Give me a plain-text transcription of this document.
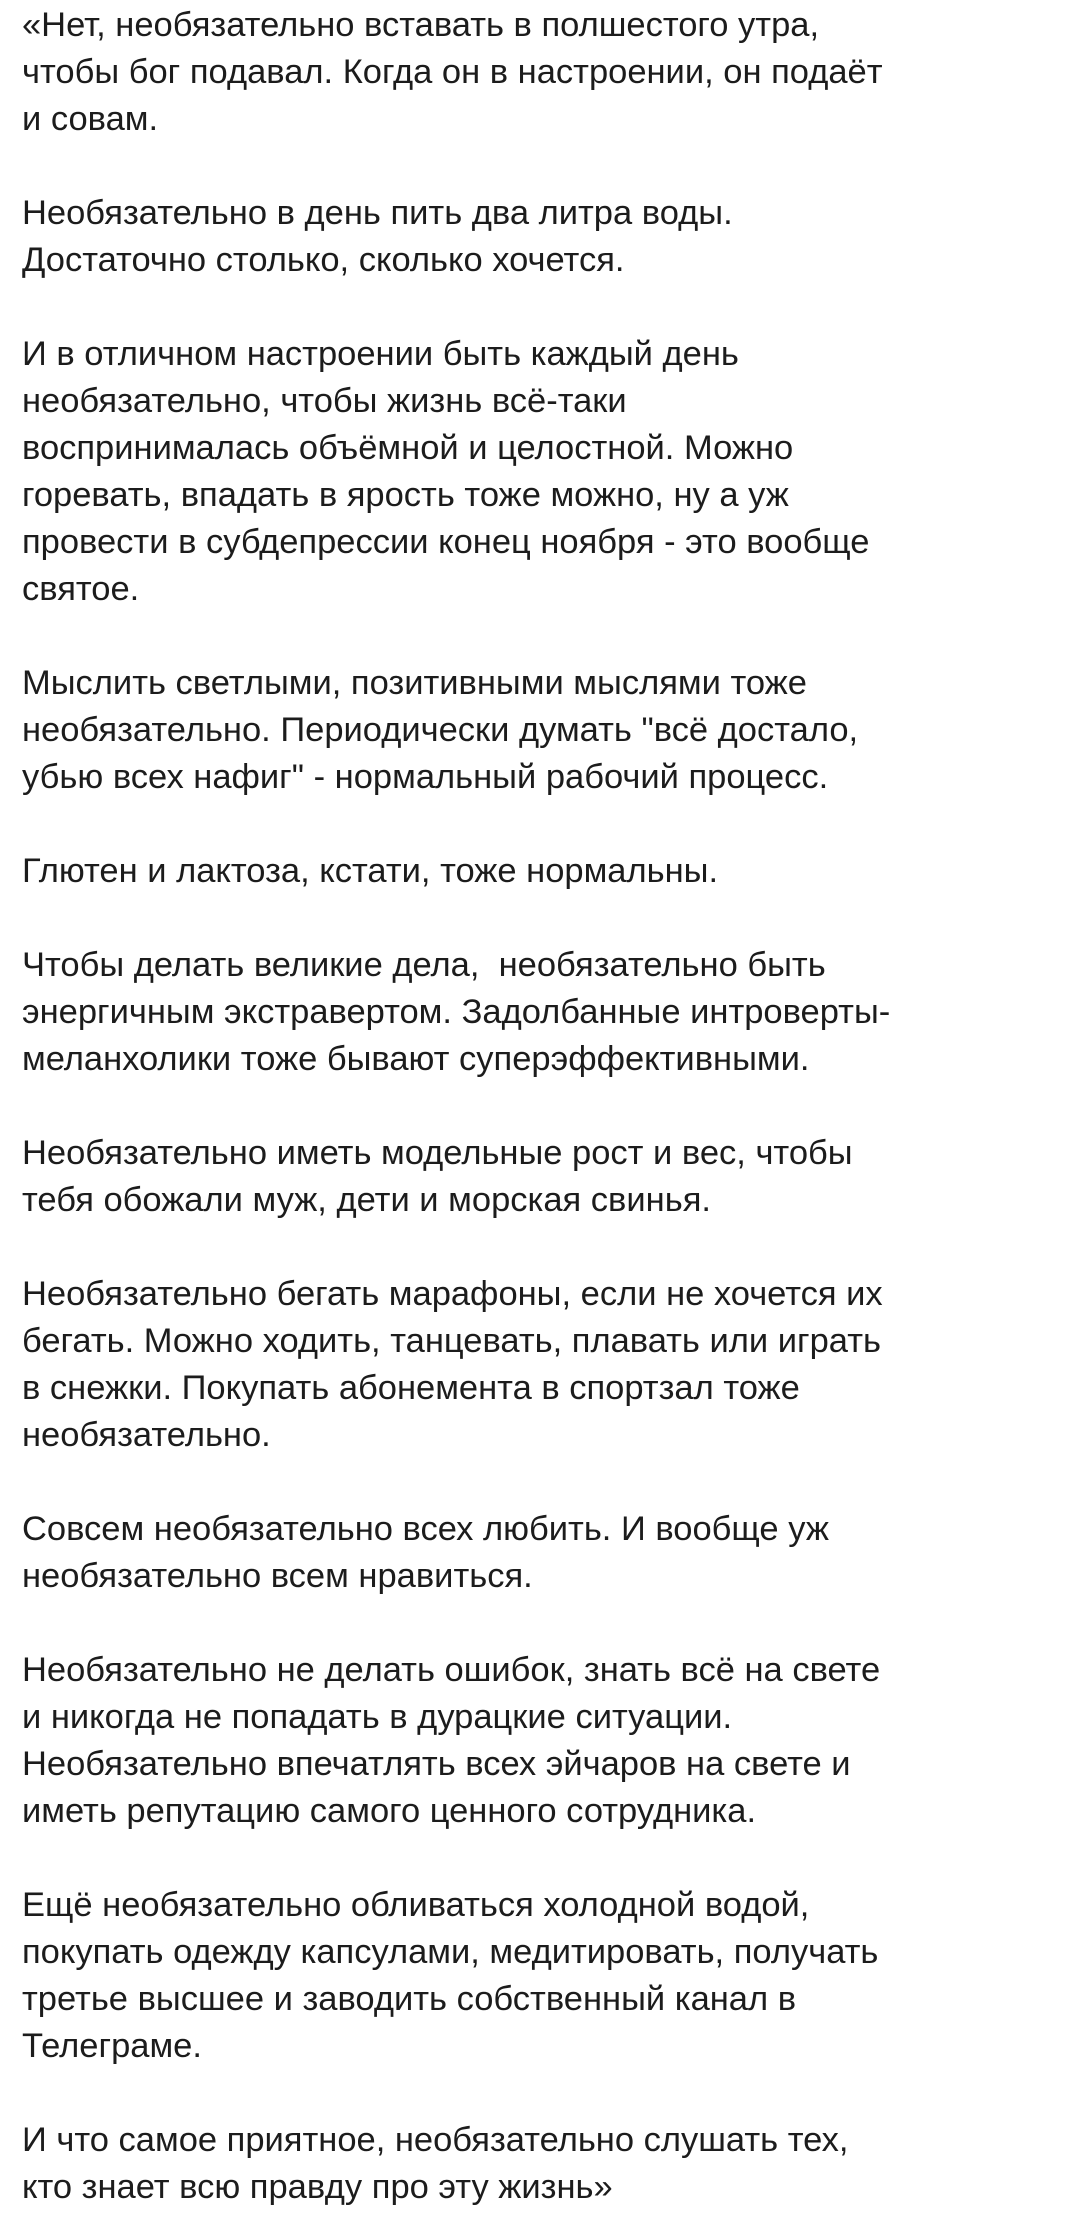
«Нет, необязательно вставать в полшестого утра,
чтобы бог подавал. Когда он в настроении, он подаёт
и совам.

Необязательно в день пить два литра воды.
Достаточно столько, сколько хочется.

И в отличном настроении быть каждый день
необязательно, чтобы жизнь всё-таки
воспринималась объёмной и целостной. Можно
горевать, впадать в ярость тоже можно, ну а уж
провести в субдепрессии конец ноября - это вообще
святое.

Мыслить светлыми, позитивными мыслями тоже
необязательно. Периодически думать "всё достало,
убью всех нафиг" - нормальный рабочий процесс.

Глютен и лактоза, кстати, тоже нормальны.

Чтобы делать великие дела,  необязательно быть
энергичным экстравертом. Задолбанные интроверты-
меланхолики тоже бывают суперэффективными.

Необязательно иметь модельные рост и вес, чтобы
тебя обожали муж, дети и морская свинья.

Необязательно бегать марафоны, если не хочется их
бегать. Можно ходить, танцевать, плавать или играть
в снежки. Покупать абонемента в спортзал тоже
необязательно.

Совсем необязательно всех любить. И вообще уж
необязательно всем нравиться.

Необязательно не делать ошибок, знать всё на свете
и никогда не попадать в дурацкие ситуации.
Необязательно впечатлять всех эйчаров на свете и
иметь репутацию самого ценного сотрудника.

Ещё необязательно обливаться холодной водой,
покупать одежду капсулами, медитировать, получать
третье высшее и заводить собственный канал в
Телеграме.

И что самое приятное, необязательно слушать тех,
кто знает всю правду про эту жизнь»
